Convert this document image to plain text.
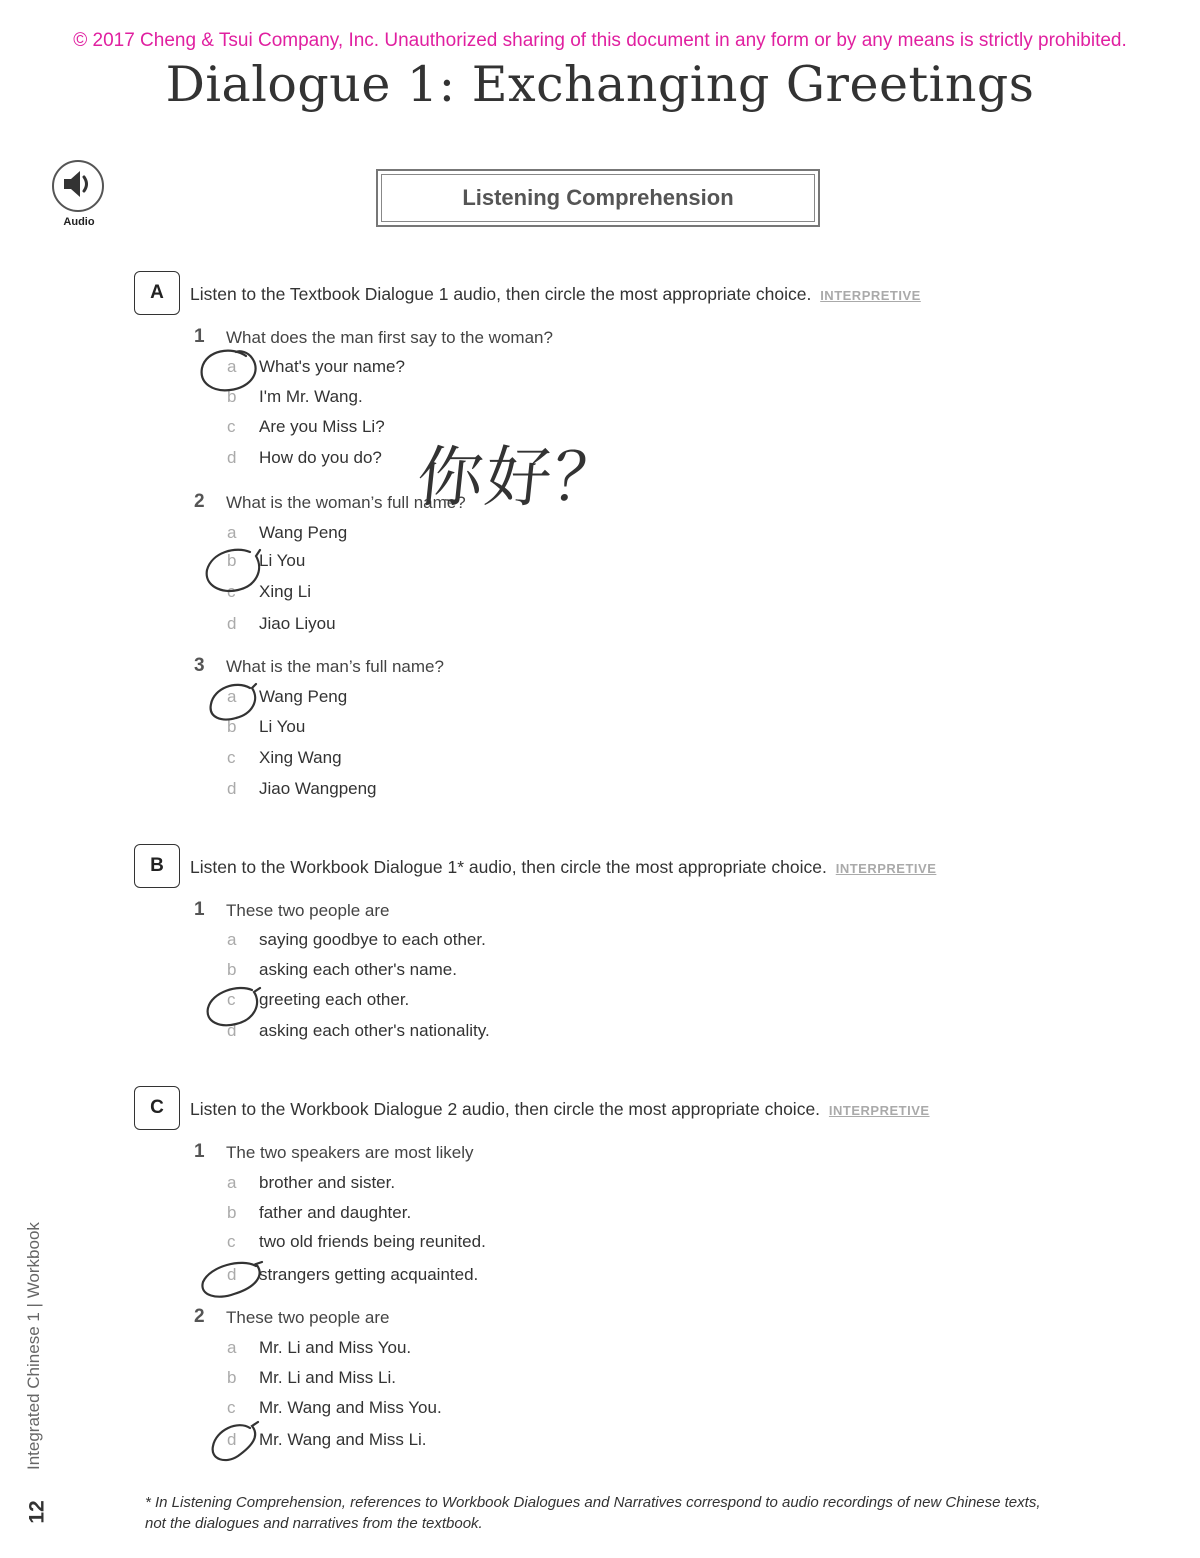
© 2017 Cheng & Tsui Company, Inc. Unauthorized sharing of this document in any form or by any means is strictly prohibited.
Dialogue 1: Exchanging Greetings
Audio
Listening Comprehension
A	Listen to the Textbook Dialogue 1 audio, then circle the most appropriate choice. INTERPRETIVE
1 What does the man first say to the woman?
a What's your name?
b I'm Mr. Wang.
c Are you Miss Li?
d How do you do?
2 What is the woman’s full name?
a Wang Peng
b Li You
c Xing Li
d Jiao Liyou
3 What is the man’s full name?
a Wang Peng
b Li You
c Xing Wang
d Jiao Wangpeng
B	Listen to the Workbook Dialogue 1* audio, then circle the most appropriate choice. INTERPRETIVE
1 These two people are
a saying goodbye to each other.
b asking each other's name.
c greeting each other.
d asking each other's nationality.
C	Listen to the Workbook Dialogue 2 audio, then circle the most appropriate choice. INTERPRETIVE
1 The two speakers are most likely
a brother and sister.
b father and daughter.
c two old friends being reunited.
d strangers getting acquainted.
2 These two people are
a Mr. Li and Miss You.
b Mr. Li and Miss Li.
c Mr. Wang and Miss You.
d Mr. Wang and Miss Li.
你好？
Integrated Chinese 1 | Workbook
12	* In Listening Comprehension, references to Workbook Dialogues and Narratives correspond to audio recordings of new Chinese texts, not the dialogues and narratives from the textbook.
